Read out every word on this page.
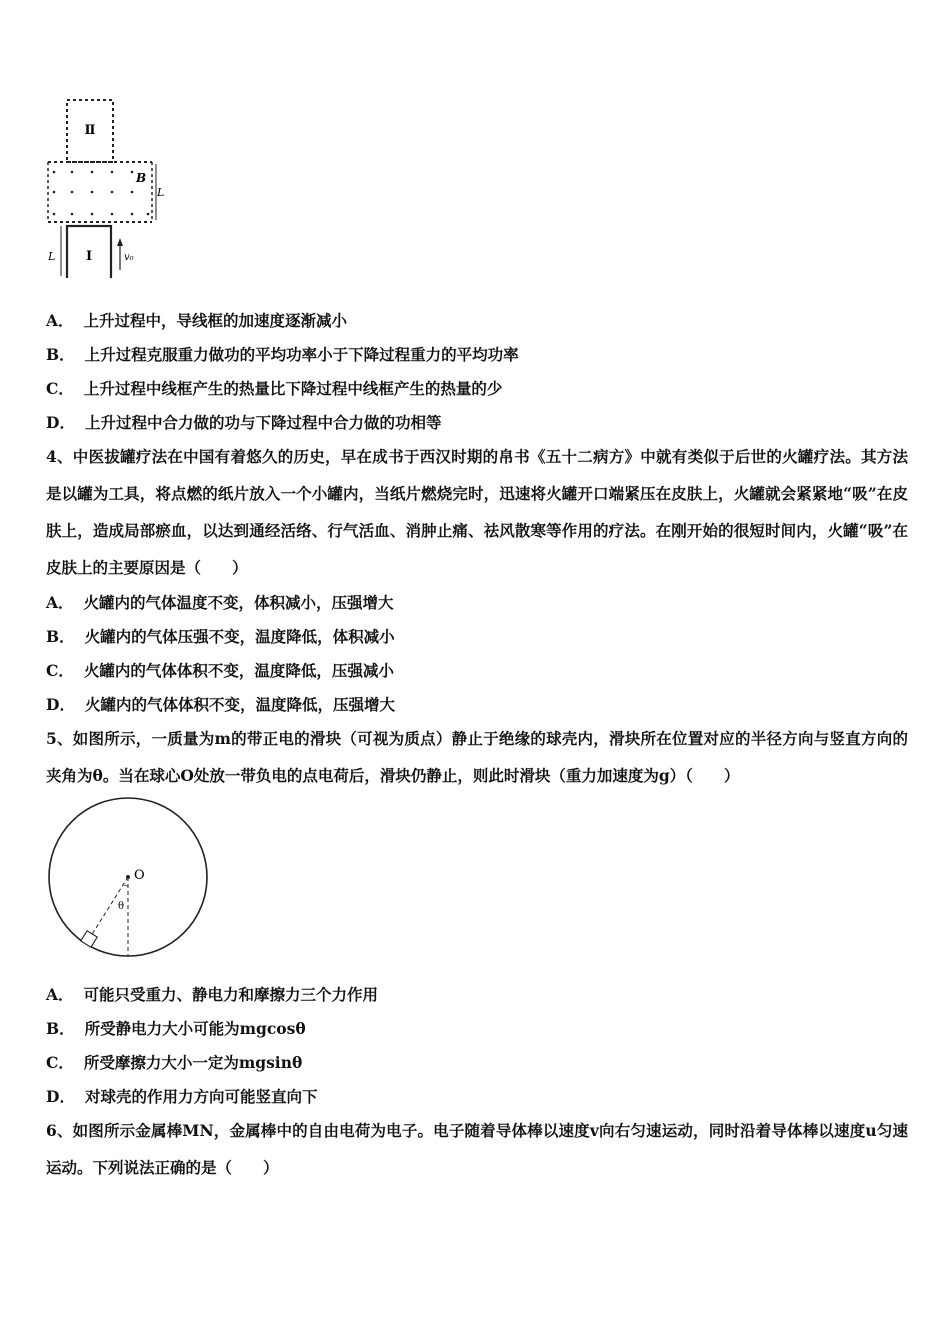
Ⅱ
B
L
Ⅰ
L	v₀
A． 上升过程中，导线框的加速度逐渐减小
B． 上升过程克服重力做功的平均功率小于下降过程重力的平均功率
C． 上升过程中线框产生的热量比下降过程中线框产生的热量的少
D． 上升过程中合力做的功与下降过程中合力做的功相等
4、中医拔罐疗法在中国有着悠久的历史，早在成书于西汉时期的帛书《五十二病方》中就有类似于后世的火罐疗法。其方法是以罐为工具，将点燃的纸片放入一个小罐内，当纸片燃烧完时，迅速将火罐开口端紧压在皮肤上，火罐就会紧紧地“吸”在皮肤上，造成局部瘀血，以达到通经活络、行气活血、消肿止痛、祛风散寒等作用的疗法。在刚开始的很短时间内，火罐“吸”在皮肤上的主要原因是（　　）
A． 火罐内的气体温度不变，体积减小，压强增大
B． 火罐内的气体压强不变，温度降低，体积减小
C． 火罐内的气体体积不变，温度降低，压强减小
D． 火罐内的气体体积不变，温度降低，压强增大
5、如图所示，一质量为m的带正电的滑块（可视为质点）静止于绝缘的球壳内，滑块所在位置对应的半径方向与竖直方向的夹角为θ。当在球心O处放一带负电的点电荷后，滑块仍静止，则此时滑块（重力加速度为g）（　　）
O
θ
A． 可能只受重力、静电力和摩擦力三个力作用
B． 所受静电力大小可能为mgcosθ
C． 所受摩擦力大小一定为mgsinθ
D． 对球壳的作用力方向可能竖直向下
6、如图所示金属棒MN，金属棒中的自由电荷为电子。电子随着导体棒以速度v向右匀速运动，同时沿着导体棒以速度u匀速运动。下列说法正确的是（　　）
